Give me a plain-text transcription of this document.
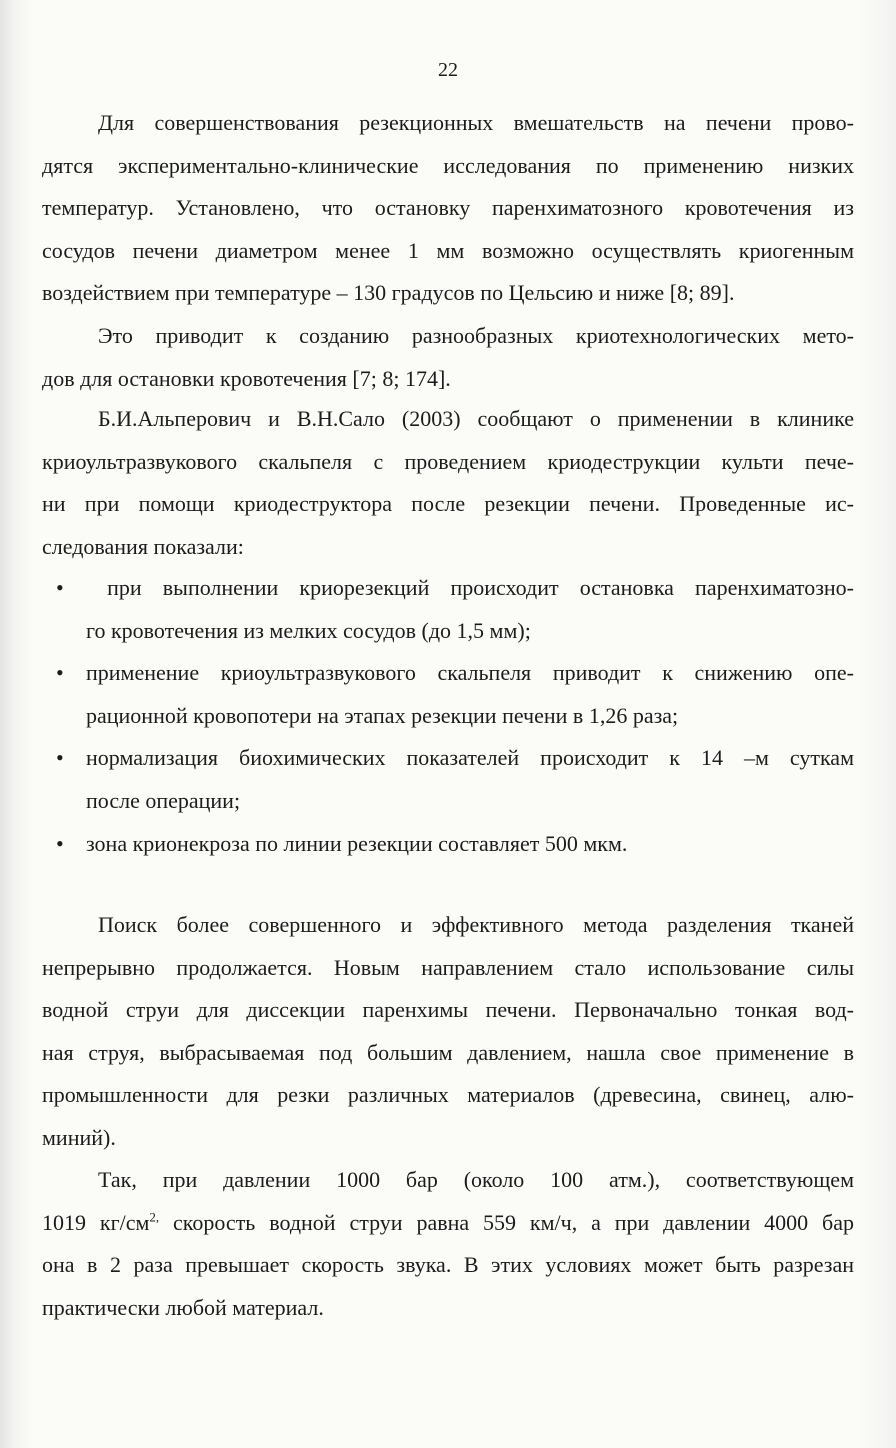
22
Для совершенствования резекционных вмешательств на печени прово-
дятся экспериментально-клинические исследования по применению низких
температур. Установлено, что остановку паренхиматозного кровотечения из
сосудов печени диаметром менее 1 мм возможно осуществлять криогенным
воздействием при температуре – 130 градусов по Цельсию и ниже [8; 89].
Это приводит к созданию разнообразных криотехнологических мето-
дов для остановки кровотечения [7; 8; 174].
Б.И.Альперович и В.Н.Сало (2003) сообщают о применении в клинике
криоультразвукового скальпеля с проведением криодеструкции культи пече-
ни при помощи криодеструктора после резекции печени. Проведенные ис-
следования показали:
• при выполнении криорезекций происходит остановка паренхиматозно-
го кровотечения из мелких сосудов (до 1,5 мм);
• применение криоультразвукового скальпеля приводит к снижению опе-
рационной кровопотери на этапах резекции печени в 1,26 раза;
• нормализация биохимических показателей происходит к 14 –м суткам
после операции;
• зона крионекроза по линии резекции составляет 500 мкм.
Поиск более совершенного и эффективного метода разделения тканей
непрерывно продолжается. Новым направлением стало использование силы
водной струи для диссекции паренхимы печени. Первоначально тонкая вод-
ная струя, выбрасываемая под большим давлением, нашла свое применение в
промышленности для резки различных материалов (древесина, свинец, алю-
миний).
Так, при давлении 1000 бар (около 100 атм.), соответствующем
1019 $кг/см^{2,}$ скорость водной струи равна 559 км/ч, а при давлении 4000 бар
она в 2 раза превышает скорость звука. В этих условиях может быть разрезан
практически любой материал.
